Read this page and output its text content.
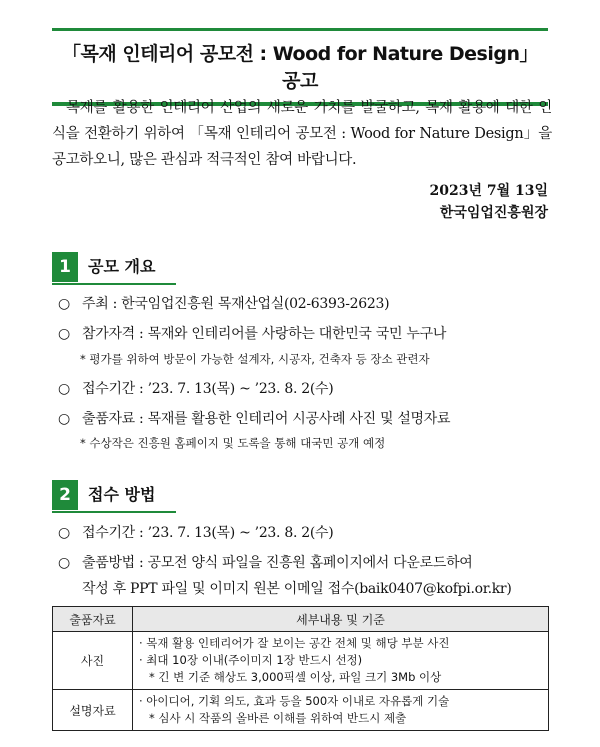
「목재 인테리어 공모전 : Wood for Nature Design」 공고

목재를 활용한 인테리어 산업의 새로운 가치를 발굴하고, 목재 활용에 대한 인식을 전환하기 위하여 「목재 인테리어 공모전 : Wood for Nature Design」을 공고하오니, 많은 관심과 적극적인 참여 바랍니다.

2023년 7월 13일
한국임업진흥원장
1	공모 개요
○ 주최 : 한국임업진흥원 목재산업실(02-6393-2623)
○ 참가자격 : 목재와 인테리어를 사랑하는 대한민국 국민 누구나
* 평가를 위하여 방문이 가능한 설계자, 시공자, 건축자 등 장소 관련자
○ 접수기간 : ’23. 7. 13(목) ~ ’23. 8. 2(수)
○ 출품자료 : 목재를 활용한 인테리어 시공사례 사진 및 설명자료
* 수상작은 진흥원 홈페이지 및 도록을 통해 대국민 공개 예정
2	접수 방법
○ 접수기간 : ’23. 7. 13(목) ~ ’23. 8. 2(수)
○ 출품방법 : 공모전 양식 파일을 진흥원 홈페이지에서 다운로드하여
작성 후 PPT 파일 및 이미지 원본 이메일 접수(baik0407@kofpi.or.kr)
출품자료	세부내용 및 기준
사진	· 목재 활용 인테리어가 잘 보이는 공간 전체 및 해당 부분 사진
· 최대 10장 이내(주이미지 1장 반드시 선정)
* 긴 변 기준 해상도 3,000픽셀 이상, 파일 크기 3Mb 이상

설명자료	· 아이디어, 기획 의도, 효과 등을 500자 이내로 자유롭게 기술
* 심사 시 작품의 올바른 이해를 위하여 반드시 제출
